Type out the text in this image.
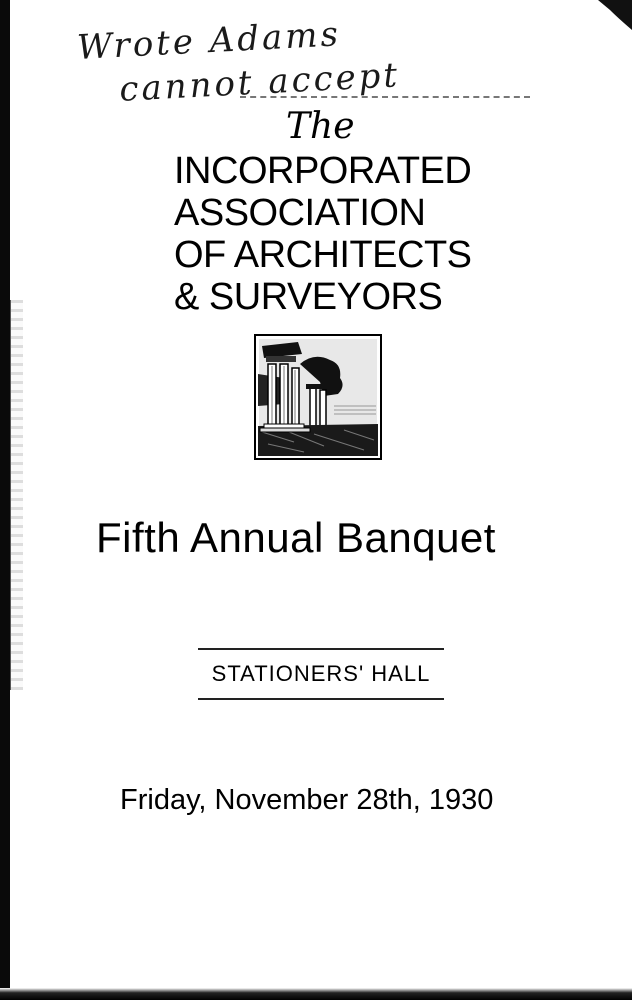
Wrote Adams
cannot accept
The
INCORPORATED
ASSOCIATION
OF ARCHITECTS
& SURVEYORS
Fifth Annual Banquet
STATIONERS' HALL
Friday, November 28th, 1930
